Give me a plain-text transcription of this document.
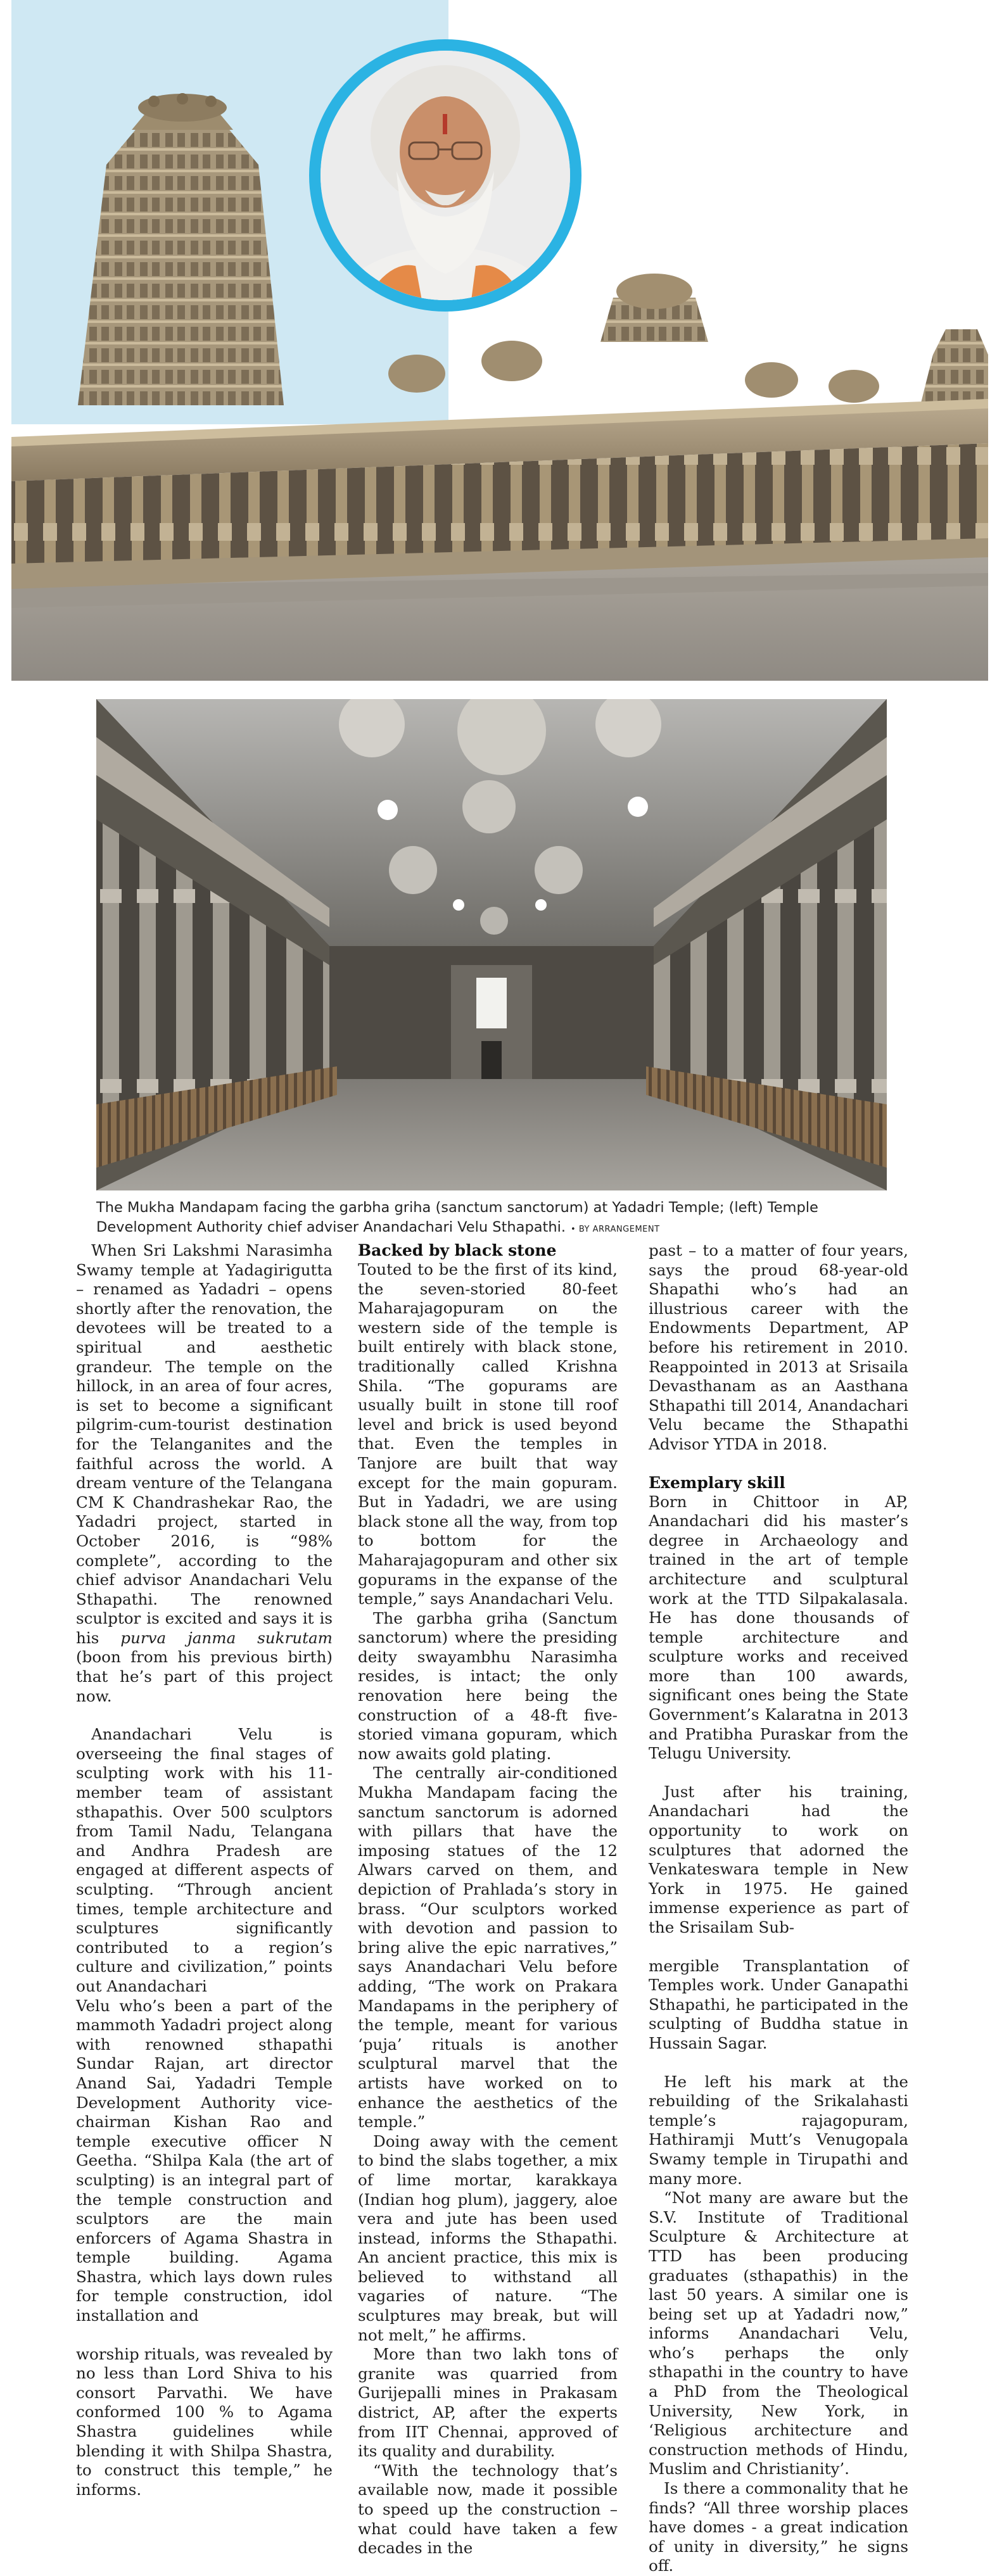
The Mukha Mandapam facing the garbha griha (sanctum sanctorum) at Yadadri Temple; (left) Temple Development Authority chief adviser Anandachari Velu Sthapathi. • BY ARRANGEMENT

When Sri Lakshmi Narasimha Swamy temple at Yadagirigutta – renamed as Yadadri – opens shortly after the renovation, the devotees will be treated to a spiritual and aesthetic grandeur. The temple on the hillock, in an area of four acres, is set to become a significant pilgrim-cum-tourist destination for the Telanganites and the faithful across the world. A dream venture of the Telangana CM K Chandrashekar Rao, the Yadadri project, started in October 2016, is “98% complete”, according to the chief advisor Anandachari Velu Sthapathi. The renowned sculptor is excited and says it is his purva janma sukrutam (boon from his previous birth) that he’s part of this project now.

Anandachari Velu is overseeing the final stages of sculpting work with his 11-member team of assistant sthapathis. Over 500 sculptors from Tamil Nadu, Telangana and Andhra Pradesh are engaged at different aspects of sculpting. “Through ancient times, temple architecture and sculptures significantly contributed to a region’s culture and civilization,” points out Anandachari

Velu who’s been a part of the mammoth Yadadri project along with renowned sthapathi Sundar Rajan, art director Anand Sai, Yadadri Temple Development Authority vice-chairman Kishan Rao and temple executive officer N Geetha. “Shilpa Kala (the art of sculpting) is an integral part of the temple construction and sculptors are the main enforcers of Agama Shastra in temple building. Agama Shastra, which lays down rules for temple construction, idol installation and

worship rituals, was revealed by no less than Lord Shiva to his consort Parvathi. We have conformed 100 % to Agama Shastra guidelines while blending it with Shilpa Shastra, to construct this temple,” he informs.

Backed by black stone

Touted to be the first of its kind, the seven-storied 80-feet Maharajagopuram on the western side of the temple is built entirely with black stone, traditionally called Krishna Shila. “The gopurams are usually built in stone till roof level and brick is used beyond that. Even the temples in Tanjore are built that way except for the main gopuram. But in Yadadri, we are using black stone all the way, from top to bottom for the Maharajagopuram and other six gopurams in the expanse of the temple,” says Anandachari Velu.

The garbha griha (Sanctum sanctorum) where the presiding deity swayambhu Narasimha resides, is intact; the only renovation here being the construction of a 48-ft five-storied vimana gopuram, which now awaits gold plating.

The centrally air-conditioned Mukha Mandapam facing the sanctum sanctorum is adorned with pillars that have the imposing statues of the 12 Alwars carved on them, and depiction of Prahlada’s story in brass. “Our sculptors worked with devotion and passion to bring alive the epic narratives,” says Anandachari Velu before adding, “The work on Prakara Mandapams in the periphery of the temple, meant for various ‘puja’ rituals is another sculptural marvel that the artists have worked on to enhance the aesthetics of the temple.”

Doing away with the cement to bind the slabs together, a mix of lime mortar, karakkaya (Indian hog plum), jaggery, aloe vera and jute has been used instead, informs the Sthapathi. An ancient practice, this mix is believed to withstand all vagaries of nature. “The sculptures may break, but will not melt,” he affirms.

More than two lakh tons of granite was quarried from Gurijepalli mines in Prakasam district, AP, after the experts from IIT Chennai, approved of its quality and durability.

“With the technology that’s available now, made it possible to speed up the construction – what could have taken a few decades in the

past – to a matter of four years, says the proud 68-year-old Shapathi who’s had an illustrious career with the Endowments Department, AP before his retirement in 2010. Reappointed in 2013 at Srisaila Devasthanam as an Aasthana Sthapathi till 2014, Anandachari Velu became the Sthapathi Advisor YTDA in 2018.

Exemplary skill

Born in Chittoor in AP, Anandachari did his master’s degree in Archaeology and trained in the art of temple architecture and sculptural work at the TTD Silpakalasala. He has done thousands of temple architecture and sculpture works and received more than 100 awards, significant ones being the State Government’s Kalaratna in 2013 and Pratibha Puraskar from the Telugu University.

Just after his training, Anandachari had the opportunity to work on sculptures that adorned the Venkateswara temple in New York in 1975. He gained immense experience as part of the Srisailam Sub-

mergible Transplantation of Temples work. Under Ganapathi Sthapathi, he participated in the sculpting of Buddha statue in Hussain Sagar.

He left his mark at the rebuilding of the Srikalahasti temple’s rajagopuram, Hathiramji Mutt’s Venugopala Swamy temple in Tirupathi and many more.

“Not many are aware but the S.V. Institute of Traditional Sculpture & Architecture at TTD has been producing graduates (sthapathis) in the last 50 years. A similar one is being set up at Yadadri now,” informs Anandachari Velu, who’s perhaps the only sthapathi in the country to have a PhD from the Theological University, New York, in ‘Religious architecture and construction methods of Hindu, Muslim and Christianity’.

Is there a commonality that he finds? “All three worship places have domes - a great indication of unity in diversity,” he signs off.
